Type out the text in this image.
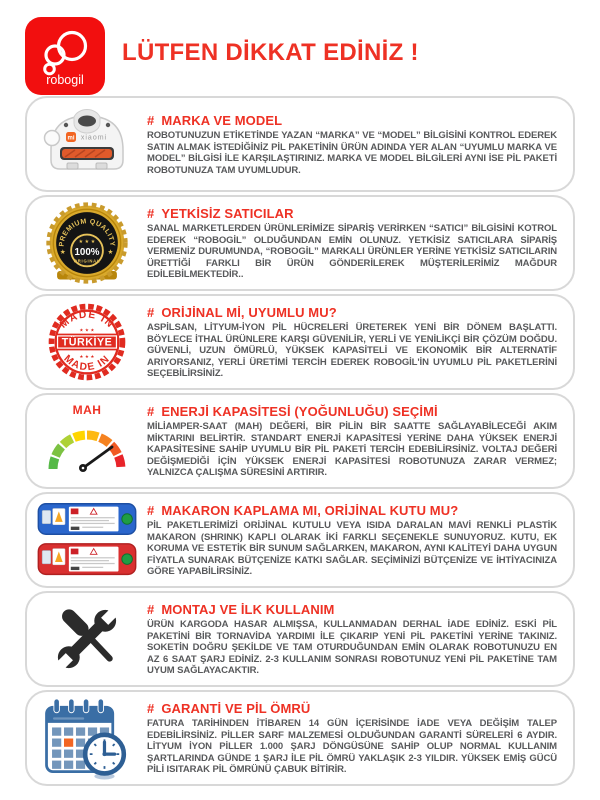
robogil
LÜTFEN DİKKAT EDİNİZ !
mi xiaomi
# MARKA VE MODEL
ROBOTUNUZUN ETİKETİNDE YAZAN “MARKA” VE “MODEL” BİLGİSİNİ KONTROL EDEREK SATIN ALMAK İSTEDİĞİNİZ PİL PAKETİNİN ÜRÜN ADINDA YER ALAN “UYUMLU MARKA VE MODEL” BİLGİSİ İLE KARŞILAŞTIRINIZ. MARKA VE MODEL BİLGİLERİ AYNI İSE PİL PAKETİ ROBOTUNUZA TAM UYUMLUDUR.
PREMIUM QUALITY
★ ★ ★
100%
ORIGINAL
★	★
# YETKİSİZ SATICILAR
SANAL MARKETLERDEN ÜRÜNLERİMİZE SİPARİŞ VERİRKEN “SATICI” BİLGİSİNİ KOTROL EDEREK “ROBOGİL” OLDUĞUNDAN EMİN OLUNUZ. YETKİSİZ SATICILARA SİPARİŞ VERMENİZ DURUMUNDA, “ROBOGİL” MARKALI ÜRÜNLER YERİNE YETKİSİZ SATICILARIN ÜRETTİĞİ FARKLI BİR ÜRÜN GÖNDERİLEREK MÜŞTERİLERİMİZ MAĞDUR EDİLEBİLMEKTEDİR..
MADE IN
MADE IN
★ ★ ★
TÜRKİYE
★ ★ ★
# ORİJİNAL Mİ, UYUMLU MU?
ASPİLSAN, LİTYUM-İYON PİL HÜCRELERİ ÜRETEREK YENİ BİR DÖNEM BAŞLATTI. BÖYLECE İTHAL ÜRÜNLERE KARŞI GÜVENİLİR, YERLİ VE YENİLİKÇİ BİR ÇÖZÜM DOĞDU. GÜVENLİ, UZUN ÖMÜRLÜ, YÜKSEK KAPASİTELİ VE EKONOMİK BİR ALTERNATİF ARIYORSANIZ, YERLİ ÜRETİMİ TERCİH EDEREK ROBOGİL'İN UYUMLU PİL PAKETLERİNİ SEÇEBİLİRSİNİZ.
MAH	# ENERJİ KAPASİTESİ (YOĞUNLUĞU) SEÇİMİ
MİLİAMPER-SAAT (MAH) DEĞERİ, BİR PİLİN BİR SAATTE SAĞLAYABİLECEĞİ AKIM MİKTARINI BELİRTİR. STANDART ENERJİ KAPASİTESİ YERİNE DAHA YÜKSEK ENERJİ KAPASİTESİNE SAHİP UYUMLU BİR PİL PAKETİ TERCİH EDEBİLİRSİNİZ. VOLTAJ DEĞERİ DEĞİŞMEDİĞİ İÇİN YÜKSEK ENERJİ KAPASİTESİ ROBOTUNUZA ZARAR VERMEZ; YALNIZCA ÇALIŞMA SÜRESİNİ ARTIRIR.
# MAKARON KAPLAMA MI, ORİJİNAL KUTU MU?
PİL PAKETLERİMİZİ ORİJİNAL KUTULU VEYA ISIDA DARALAN MAVİ RENKLİ PLASTİK MAKARON (SHRINK) KAPLI OLARAK İKİ FARKLI SEÇENEKLE SUNUYORUZ. KUTU, EK KORUMA VE ESTETİK BİR SUNUM SAĞLARKEN, MAKARON, AYNI KALİTEYİ DAHA UYGUN FİYATLA SUNARAK BÜTÇENİZE KATKI SAĞLAR. SEÇİMİNİZİ BÜTÇENİZE VE İHTİYACINIZA GÖRE YAPABİLİRSİNİZ.
# MONTAJ VE İLK KULLANIM
ÜRÜN KARGODA HASAR ALMIŞSA, KULLANMADAN DERHAL İADE EDİNİZ. ESKİ PİL PAKETİNİ BİR TORNAVİDA YARDIMI İLE ÇIKARIP YENİ PİL PAKETİNİ YERİNE TAKINIZ. SOKETİN DOĞRU ŞEKİLDE VE TAM OTURDUĞUNDAN EMİN OLARAK ROBOTUNUZU EN AZ 6 SAAT ŞARJ EDİNİZ. 2-3 KULLANIM SONRASI ROBOTUNUZ YENİ PİL PAKETİNE TAM UYUM SAĞLAYACAKTIR.
# GARANTİ VE PİL ÖMRÜ
FATURA TARİHİNDEN İTİBAREN 14 GÜN İÇERİSİNDE İADE VEYA DEĞİŞİM TALEP EDEBİLİRSİNİZ. PİLLER SARF MALZEMESİ OLDUĞUNDAN GARANTİ SÜRELERİ 6 AYDIR. LİTYUM İYON PİLLER 1.000 ŞARJ DÖNGÜSÜNE SAHİP OLUP NORMAL KULLANIM ŞARTLARINDA GÜNDE 1 ŞARJ İLE PİL ÖMRÜ YAKLAŞIK 2-3 YILDIR. YÜKSEK EMİŞ GÜCÜ PİLİ ISITARAK PİL ÖMRÜNÜ ÇABUK BİTİRİR.
